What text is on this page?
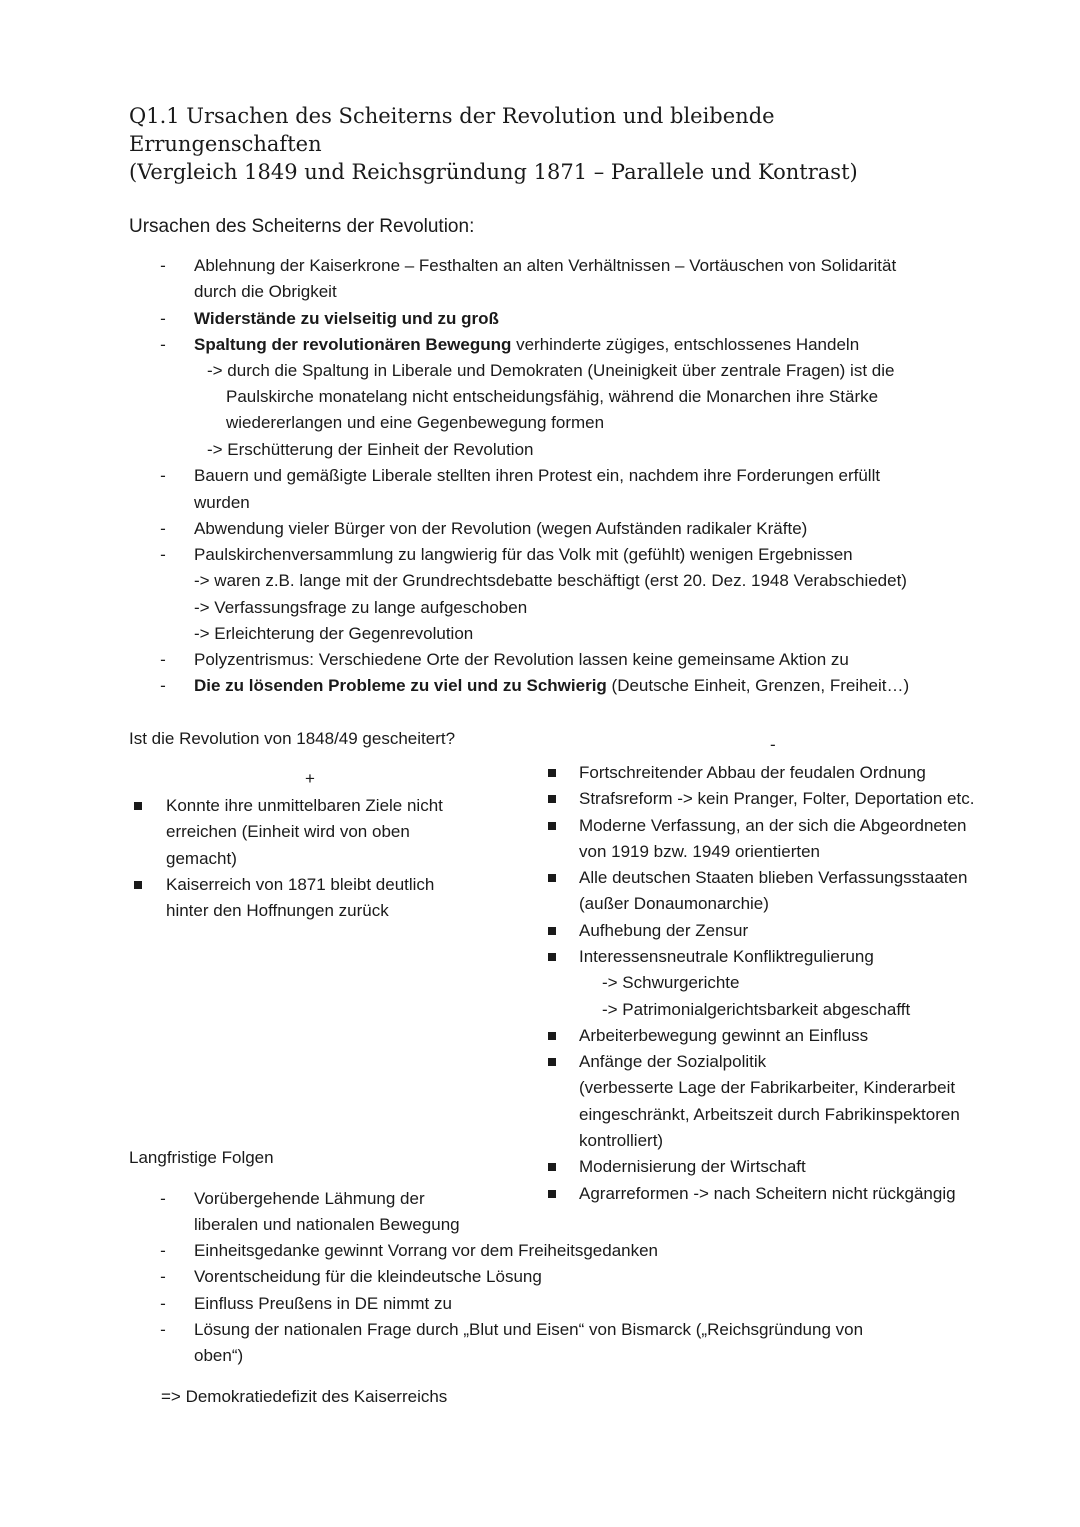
Q1.1 Ursachen des Scheiterns der Revolution und bleibende
Errungenschaften
(Vergleich 1849 und Reichsgründung 1871 – Parallele und Kontrast)
Ursachen des Scheiterns der Revolution:
-	Ablehnung der Kaiserkrone – Festhalten an alten Verhältnissen – Vortäuschen von Solidarität
durch die Obrigkeit
-	Widerstände zu vielseitig und zu groß
-	Spaltung der revolutionären Bewegung verhinderte zügiges, entschlossenes Handeln
-> durch die Spaltung in Liberale und Demokraten (Uneinigkeit über zentrale Fragen) ist die
Paulskirche monatelang nicht entscheidungsfähig, während die Monarchen ihre Stärke
wiedererlangen und eine Gegenbewegung formen
-> Erschütterung der Einheit der Revolution
-	Bauern und gemäßigte Liberale stellten ihren Protest ein, nachdem ihre Forderungen erfüllt
wurden
-	Abwendung vieler Bürger von der Revolution (wegen Aufständen radikaler Kräfte)
-	Paulskirchenversammlung zu langwierig für das Volk mit (gefühlt) wenigen Ergebnissen
-> waren z.B. lange mit der Grundrechtsdebatte beschäftigt (erst 20. Dez. 1948 Verabschiedet)
-> Verfassungsfrage zu lange aufgeschoben
-> Erleichterung der Gegenrevolution
-	Polyzentrismus: Verschiedene Orte der Revolution lassen keine gemeinsame Aktion zu
-	Die zu lösenden Probleme zu viel und zu Schwierig (Deutsche Einheit, Grenzen, Freiheit…)
Ist die Revolution von 1848/49 gescheitert?
+
-
Konnte ihre unmittelbaren Ziele nicht
erreichen (Einheit wird von oben
gemacht)
Kaiserreich von 1871 bleibt deutlich
hinter den Hoffnungen zurück
Fortschreitender Abbau der feudalen Ordnung
Strafsreform -> kein Pranger, Folter, Deportation etc.
Moderne Verfassung, an der sich die Abgeordneten
von 1919 bzw. 1949 orientierten
Alle deutschen Staaten blieben Verfassungsstaaten
(außer Donaumonarchie)
Aufhebung der Zensur
Interessensneutrale Konfliktregulierung
-> Schwurgerichte
-> Patrimonialgerichtsbarkeit abgeschafft
Arbeiterbewegung gewinnt an Einfluss
Anfänge der Sozialpolitik
(verbesserte Lage der Fabrikarbeiter, Kinderarbeit
eingeschränkt, Arbeitszeit durch Fabrikinspektoren
kontrolliert)
Modernisierung der Wirtschaft
Agrarreformen -> nach Scheitern nicht rückgängig
Langfristige Folgen
-	Vorübergehende Lähmung der
liberalen und nationalen Bewegung
-	Einheitsgedanke gewinnt Vorrang vor dem Freiheitsgedanken
-	Vorentscheidung für die kleindeutsche Lösung
-	Einfluss Preußens in DE nimmt zu
-	Lösung der nationalen Frage durch „Blut und Eisen“ von Bismarck („Reichsgründung von
oben“)
=> Demokratiedefizit des Kaiserreichs
